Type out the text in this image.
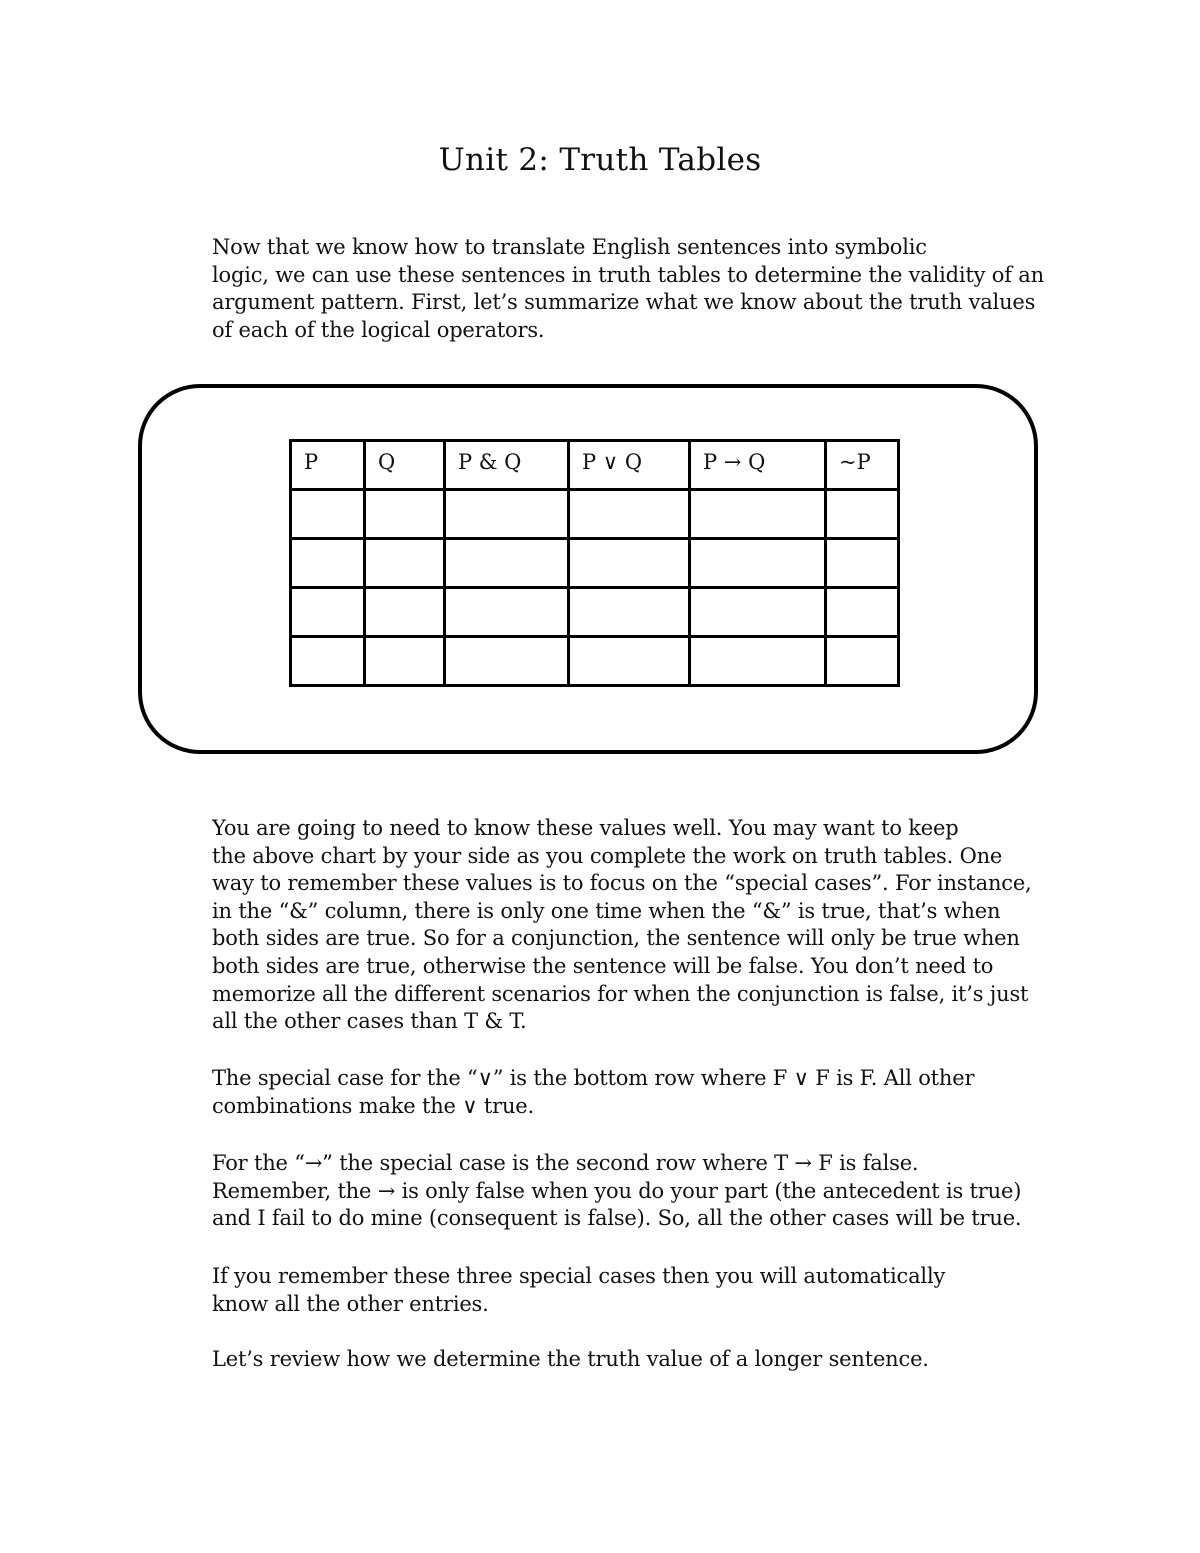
Unit 2: Truth Tables

Now that we know how to translate English sentences into symbolic
logic, we can use these sentences in truth tables to determine the validity of an
argument pattern. First, let’s summarize what we know about the truth values
of each of the logical operators.

P	Q	P & Q	P ∨ Q	P → Q	~P

You are going to need to know these values well. You may want to keep
the above chart by your side as you complete the work on truth tables. One
way to remember these values is to focus on the “special cases”. For instance,
in the “&” column, there is only one time when the “&” is true, that’s when
both sides are true. So for a conjunction, the sentence will only be true when
both sides are true, otherwise the sentence will be false. You don’t need to
memorize all the different scenarios for when the conjunction is false, it’s just
all the other cases than T & T.

The special case for the “∨” is the bottom row where F ∨ F is F. All other
combinations make the ∨ true.

For the “→” the special case is the second row where T → F is false.
Remember, the → is only false when you do your part (the antecedent is true)
and I fail to do mine (consequent is false). So, all the other cases will be true.

If you remember these three special cases then you will automatically
know all the other entries.

Let’s review how we determine the truth value of a longer sentence.
